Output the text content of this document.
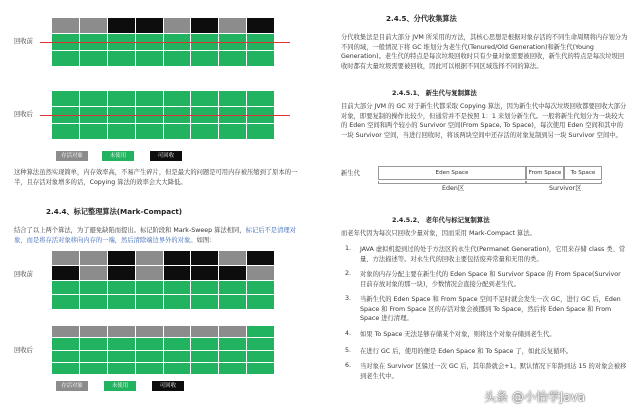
回收前
回收后
存活对象	未使用	可回收
这种算法虽然实现简单，内存效率高，不易产生碎片，但是最大的问题是可用内存被压缩到了原本的一半，且存活对象增多的话，Copying 算法的效率会大大降低。
2.4.4、标记整理算法(Mark-Compact)
结合了以上两个算法，为了避免缺陷而提出。标记阶段和 Mark-Sweep 算法相同，标记后不是清理对象，而是将存活对象移向内存的一端，然后清除端边界外的对象。如图：
回收前
回收后
存活对象	未使用	可回收
2.4.5、分代收集算法
分代收集法是目前大部分 JVM 所采用的方法，其核心思想是根据对象存活的不同生命周期将内存划分为不同的域，一般情况下将 GC 堆划分为老生代(Tenured/Old Generation)和新生代(Young Generation)。老生代的特点是每次垃圾回收时只有少量对象需要被回收，新生代的特点是每次垃圾回收时都有大量垃圾需要被回收，因此可以根据不同区域选择不同的算法。
2.4.5.1、 新生代与复制算法
目前大部分 JVM 的 GC 对于新生代都采取 Copying 算法，因为新生代中每次垃圾回收都要回收大部分对象，即要复制的操作比较少，但通常并不是按照 1：1 来划分新生代。一般将新生代划分为一块较大的 Eden 空间和两个较小的 Survivor 空间(From Space, To Space)，每次使用 Eden 空间和其中的一块 Survivor 空间，当进行回收时，将该两块空间中还存活的对象复制到另一块 Survivor 空间中。
新生代	Eden Space	From Space	To Space
Eden区	Survivor区
2.4.5.2、 老年代与标记复制算法
而老年代因为每次只回收少量对象，因而采用 Mark-Compact 算法。
1. JAVA 虚拟机提到过的处于方法区的永生代(Permanet Generation)，它用来存储 class 类、常量、方法描述等。对永生代的回收主要包括废弃常量和无用的类。
2. 对象的内存分配主要在新生代的 Eden Space 和 Survivor Space 的 From Space(Survivor 目前存放对象的那一块)，少数情况会直接分配到老生代。
3. 当新生代的 Eden Space 和 From Space 空间不足时就会发生一次 GC，进行 GC 后，Eden Space 和 From Space 区的存活对象会被挪到 To Space，然后将 Eden Space 和 From Space 进行清理。
4. 如果 To Space 无法足够存储某个对象，则将这个对象存储到老生代。
5. 在进行 GC 后，使用的便是 Eden Space 和 To Space 了，如此反复循环。
6. 当对象在 Survivor 区躲过一次 GC 后，其年龄就会+1。默认情况下年龄到达 15 的对象会被移到老生代中。
头条 @小怡学Java
